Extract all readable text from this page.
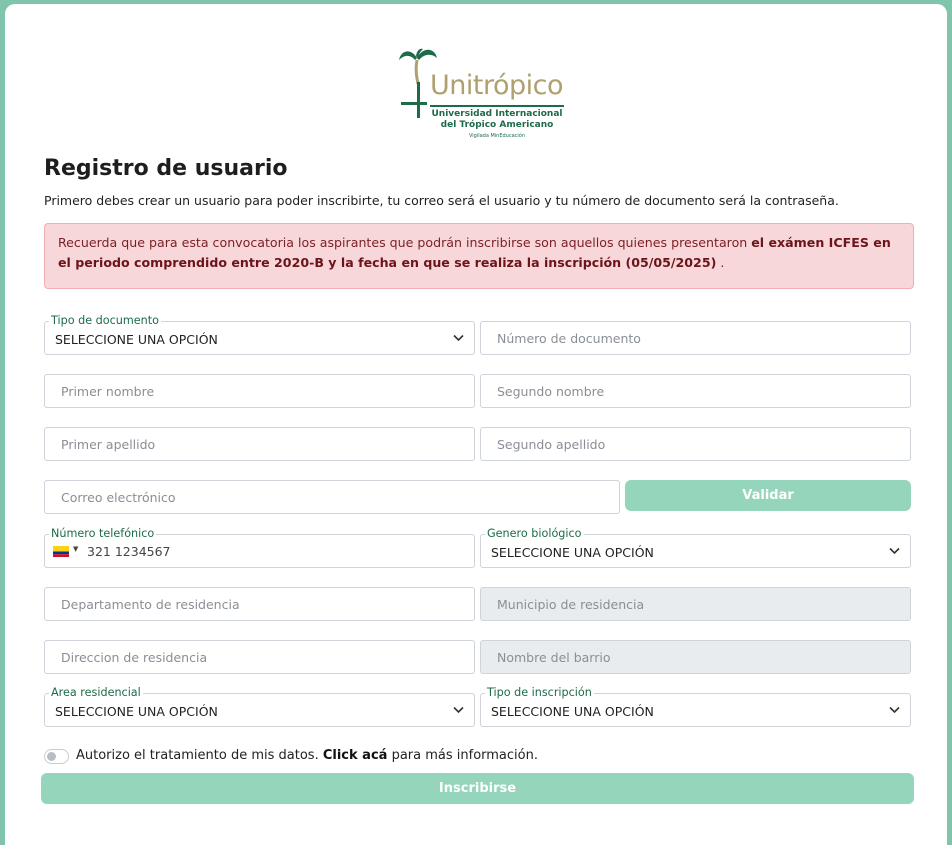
Unitrópico
Universidad Internacional
del Trópico Americano
Vigilada MinEducación
Registro de usuario
Primero debes crear un usuario para poder inscribirte, tu correo será el usuario y tu número de documento será la contraseña.
Recuerda que para esta convocatoria los aspirantes que podrán inscribirse son aquellos quienes presentaron el exámen ICFES en el periodo comprendido entre 2020-B y la fecha en que se realiza la inscripción (05/05/2025) .
SELECCIONE UNA OPCIÓN
Tipo de documento
Número de documento
Primer nombre
Segundo nombre
Primer apellido
Segundo apellido
Correo electrónico
Validar
▼ 321 1234567
Número telefónico
SELECCIONE UNA OPCIÓN
Genero biológico
Departamento de residencia
Municipio de residencia
Direccion de residencia
Nombre del barrio
SELECCIONE UNA OPCIÓN
Area residencial
SELECCIONE UNA OPCIÓN
Tipo de inscripción
Autorizo el tratamiento de mis datos. Click acá para más información.
Inscribirse
